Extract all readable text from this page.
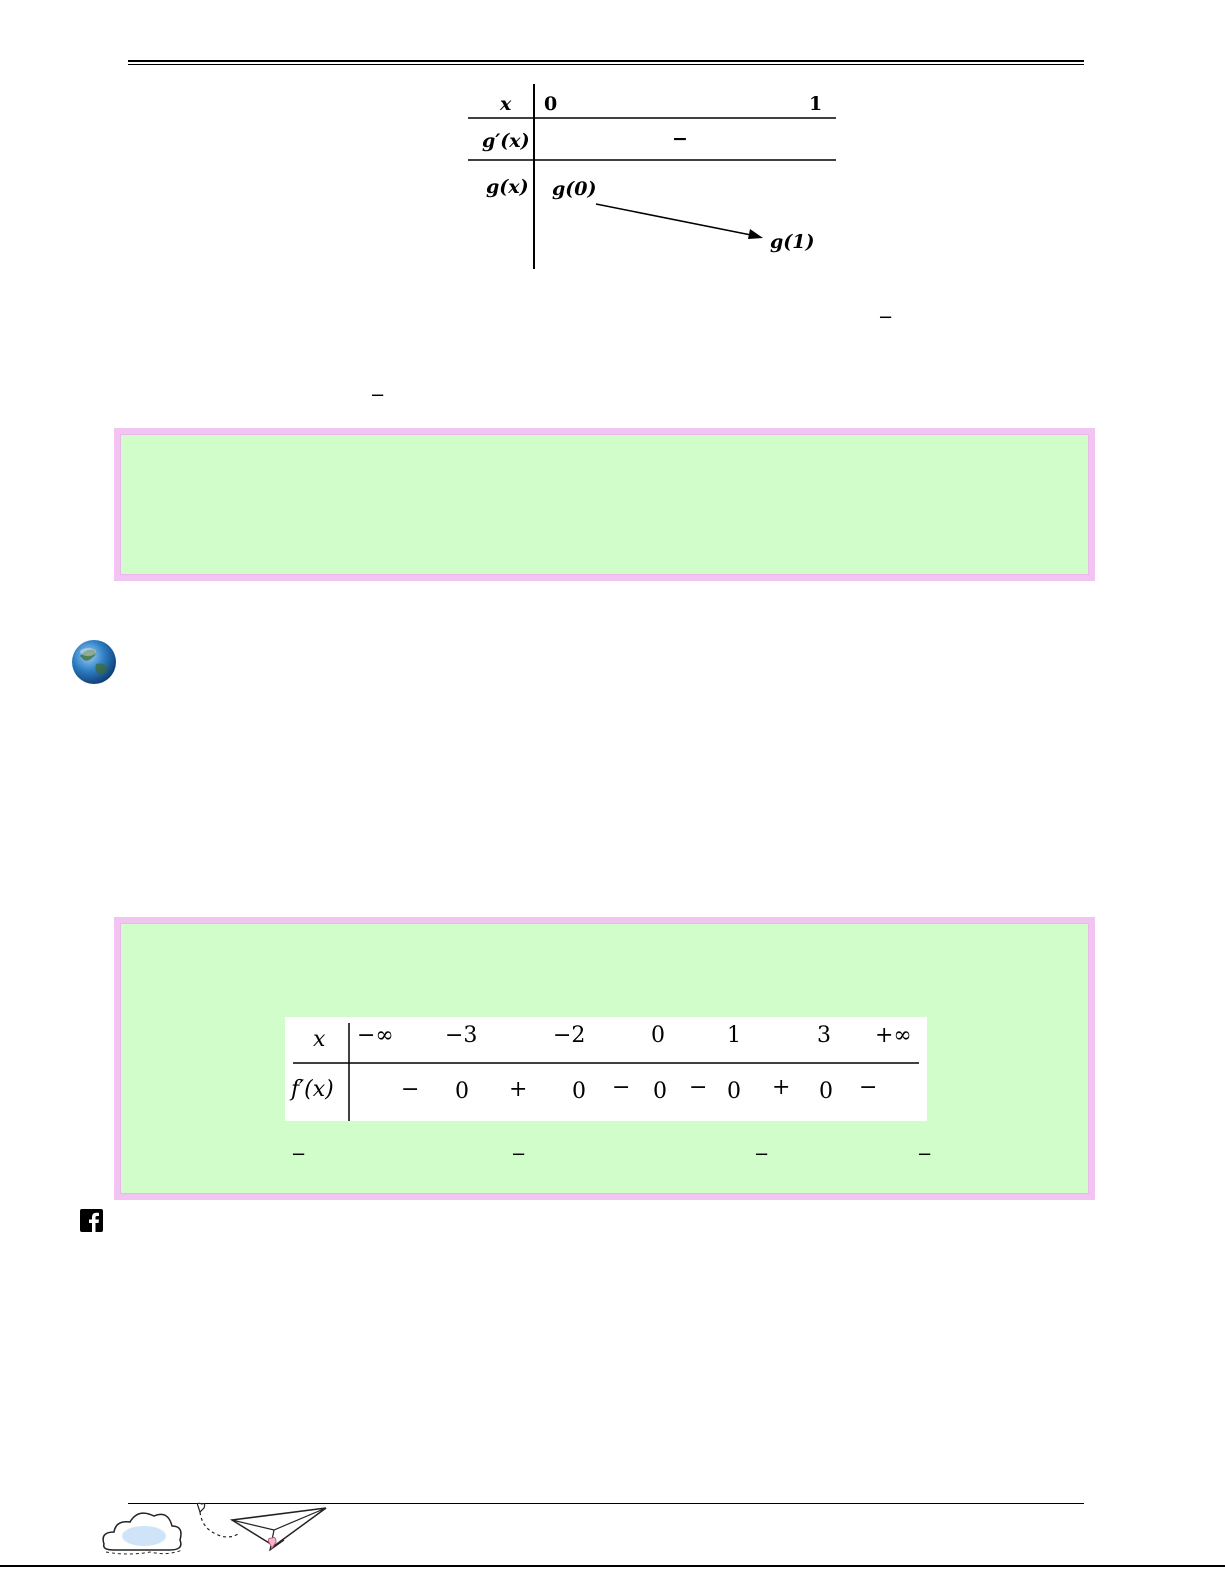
x 0	1
g′(x)	−
g(x) g(0)
g(1)
−
−
x −∞ −3	−2	0	1	3 +∞
f′(x)	− 0 + 0 − 0 − 0 + 0 −
−	−	−	−
